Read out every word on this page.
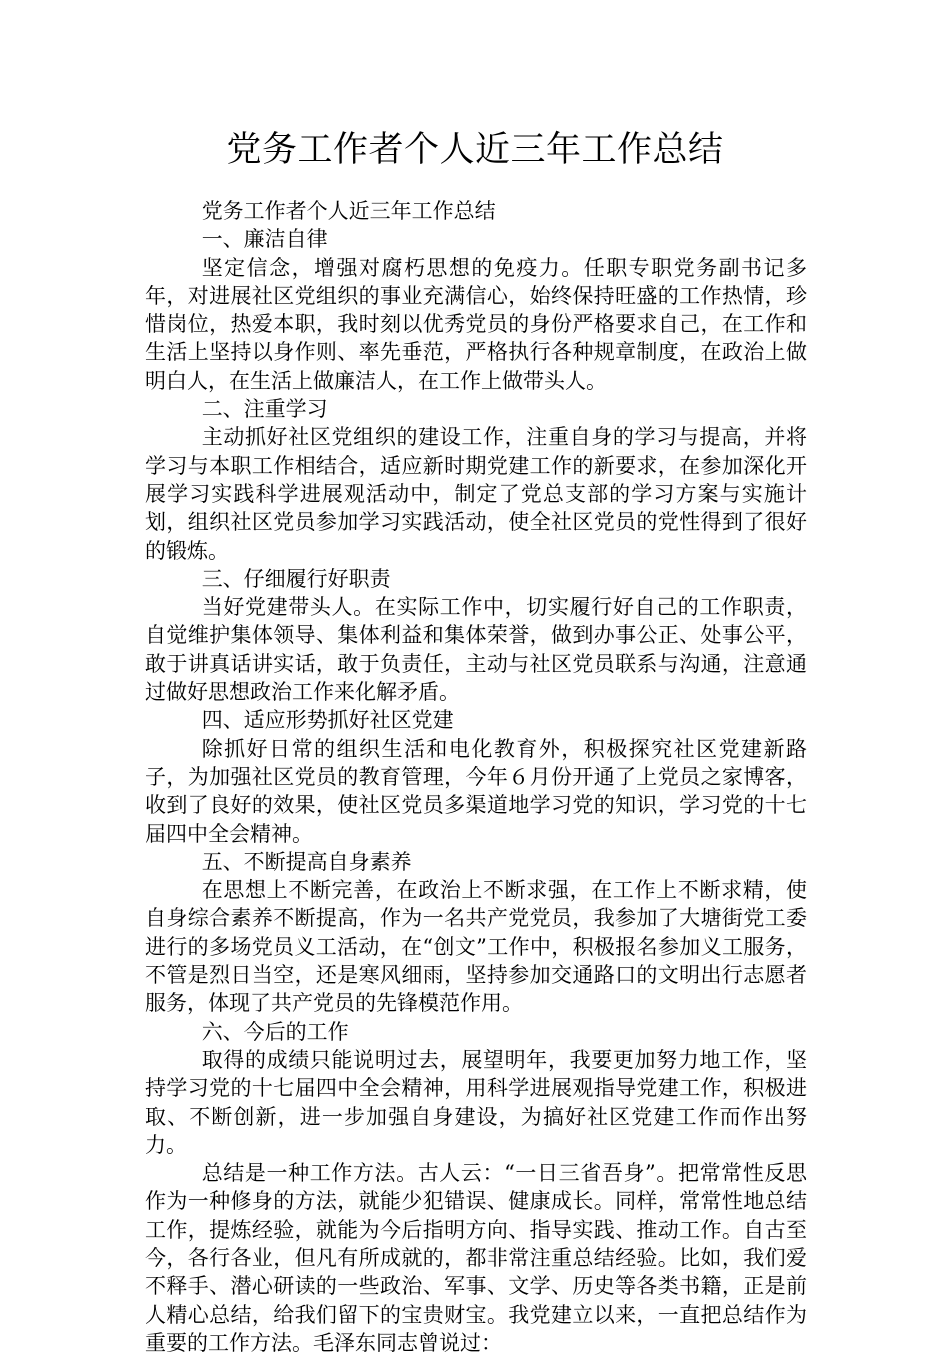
党务工作者个人近三年工作总结

党务工作者个人近三年工作总结

一、廉洁自律

坚定信念，增强对腐朽思想的免疫力。任职专职党务副书记多年，对进展社区党组织的事业充满信心，始终保持旺盛的工作热情，珍惜岗位，热爱本职，我时刻以优秀党员的身份严格要求自己，在工作和生活上坚持以身作则、率先垂范，严格执行各种规章制度，在政治上做明白人，在生活上做廉洁人，在工作上做带头人。

二、注重学习

主动抓好社区党组织的建设工作，注重自身的学习与提高，并将学习与本职工作相结合，适应新时期党建工作的新要求，在参加深化开展学习实践科学进展观活动中，制定了党总支部的学习方案与实施计划，组织社区党员参加学习实践活动，使全社区党员的党性得到了很好的锻炼。

三、仔细履行好职责

当好党建带头人。在实际工作中，切实履行好自己的工作职责，自觉维护集体领导、集体利益和集体荣誉，做到办事公正、处事公平，敢于讲真话讲实话，敢于负责任，主动与社区党员联系与沟通，注意通过做好思想政治工作来化解矛盾。

四、适应形势抓好社区党建

除抓好日常的组织生活和电化教育外，积极探究社区党建新路子，为加强社区党员的教育管理，今年６月份开通了上党员之家博客，收到了良好的效果，使社区党员多渠道地学习党的知识，学习党的十七届四中全会精神。

五、不断提高自身素养

在思想上不断完善，在政治上不断求强，在工作上不断求精，使自身综合素养不断提高，作为一名共产党党员，我参加了大塘街党工委进行的多场党员义工活动，在“创文”工作中，积极报名参加义工服务，不管是烈日当空，还是寒风细雨，坚持参加交通路口的文明出行志愿者服务，体现了共产党员的先锋模范作用。

六、今后的工作

取得的成绩只能说明过去，展望明年，我要更加努力地工作，坚持学习党的十七届四中全会精神，用科学进展观指导党建工作，积极进取、不断创新，进一步加强自身建设，为搞好社区党建工作而作出努力。

总结是一种工作方法。古人云：“一日三省吾身”。把常常性反思作为一种修身的方法，就能少犯错误、健康成长。同样，常常性地总结工作，提炼经验，就能为今后指明方向、指导实践、推动工作。自古至今，各行各业，但凡有所成就的，都非常注重总结经验。比如，我们爱不释手、潜心研读的一些政治、军事、文学、历史等各类书籍，正是前人精心总结，给我们留下的宝贵财宝。我党建立以来，一直把总结作为重要的工作方法。毛泽东同志曾说过：
